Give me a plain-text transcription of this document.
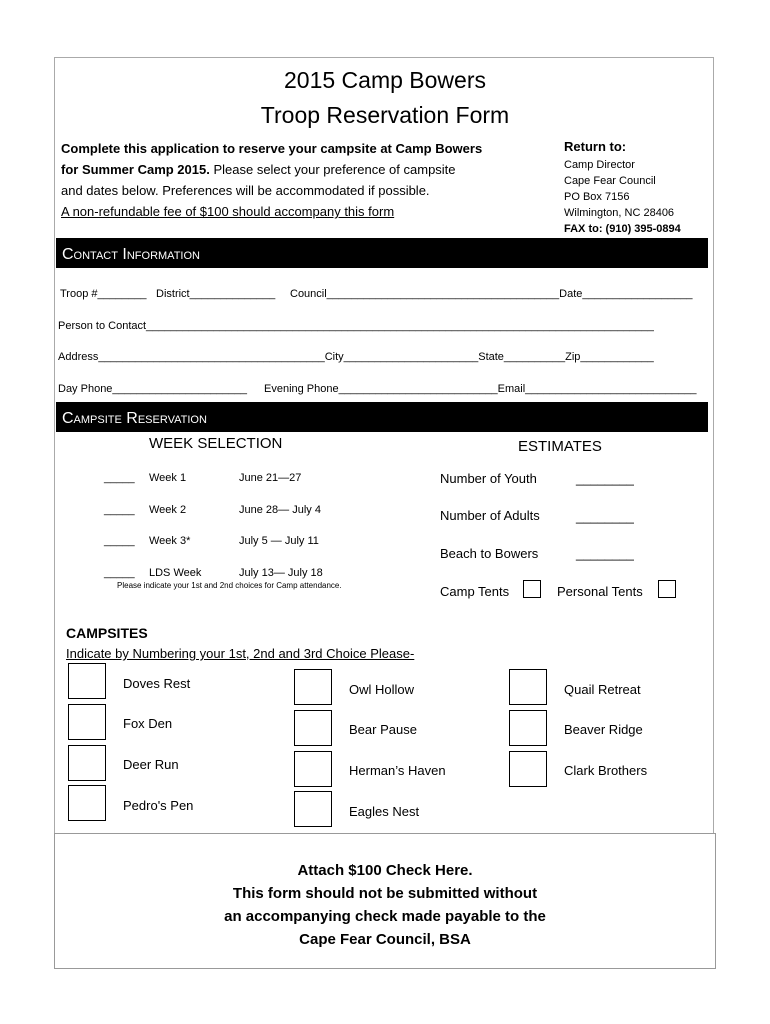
2015 Camp Bowers
Troop Reservation Form
Complete this application to reserve your campsite at Camp Bowers
for Summer Camp 2015. Please select your preference of campsite
and dates below. Preferences will be accommodated if possible.
A non-refundable fee of $100 should accompany this form
Return to:
Camp Director
Cape Fear Council
PO Box 7156
Wilmington, NC 28406
FAX to: (910) 395-0894
Contact Information
Troop #________ District______________ Council______________________________________Date__________________
Person to Contact___________________________________________________________________________________
Address_____________________________________City______________________State__________Zip____________
Day Phone______________________ Evening Phone__________________________Email____________________________
Campsite Reservation
WEEK SELECTION	ESTIMATES
_____ Week 1	June 21—27
_____ Week 2	June 28— July 4
_____ Week 3*	July 5 — July 11
_____ LDS Week	July 13— July 18
Please indicate your 1st and 2nd choices for Camp attendance.
Number of Youth	________
Number of Adults	________
Beach to Bowers	________
Camp Tents	Personal Tents
CAMPSITES
Indicate by Numbering your 1st, 2nd and 3rd Choice Please-
Doves Rest
Fox Den
Deer Run
Pedro's Pen
Owl Hollow
Bear Pause
Herman’s Haven
Eagles Nest
Quail Retreat
Beaver Ridge
Clark Brothers
Attach $100 Check Here.
This form should not be submitted without
an accompanying check made payable to the
Cape Fear Council, BSA
